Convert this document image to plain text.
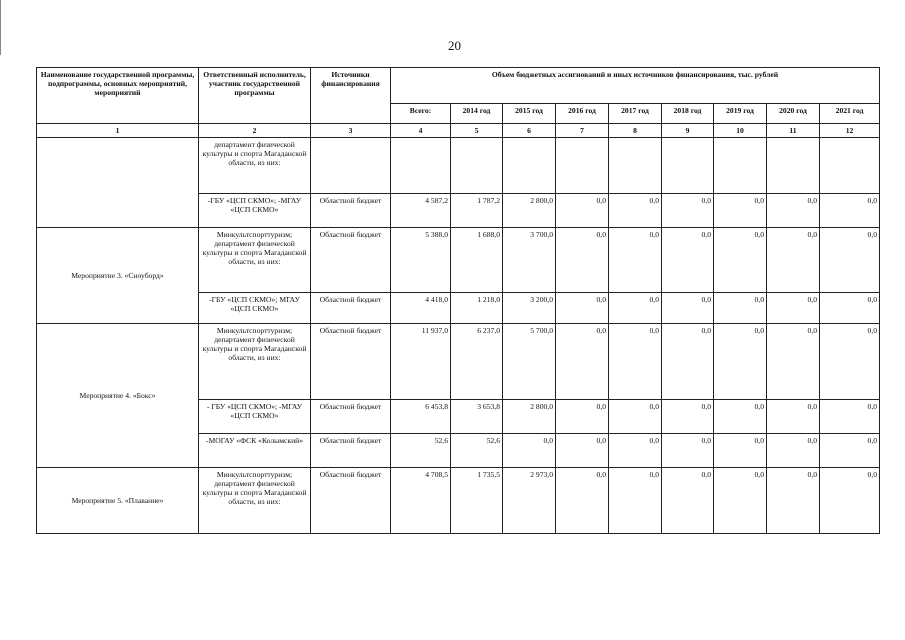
20
Наименование государственной программы, подпрограммы, основных мероприятий, мероприятий	Ответственный исполнитель, участник государственной программы	Источники финансирования	Объем бюджетных ассигнований и иных источников финансирования, тыс. рублей								
			Всего:	2014 год	2015 год	2016 год	2017 год	2018 год	2019 год	2020 год	2021 год
1	2	3	4	5	6	7	8	9	10	11	12
	департамент физической культуры и спорта Магаданской области, из них:										
	-ГБУ «ЦСП СКМО»; -МГАУ «ЦСП СКМО»	Областной бюджет	4 587,2	1 787,2	2 800,0	0,0	0,0	0,0	0,0	0,0	0,0
Мероприятие 3. «Сноуборд»	Минкультспорттуризм; департамент физической культуры и спорта Магаданской области, из них:	Областной бюджет	5 388,0	1 688,0	3 700,0	0,0	0,0	0,0	0,0	0,0	0,0
	-ГБУ «ЦСП СКМО»; МГАУ «ЦСП СКМО»	Областной бюджет	4 418,0	1 218,0	3 200,0	0,0	0,0	0,0	0,0	0,0	0,0
Мероприятие 4. «Бокс»	Минкультспорттуризм; департамент физической культуры и спорта Магаданской области, из них:	Областной бюджет	11 937,0	6 237,0	5 700,0	0,0	0,0	0,0	0,0	0,0	0,0
	- ГБУ «ЦСП СКМО»; -МГАУ «ЦСП СКМО»	Областной бюджет	6 453,8	3 653,8	2 800,0	0,0	0,0	0,0	0,0	0,0	0,0
	-МОГАУ «ФСК «Колымский»	Областной бюджет	52,6	52,6	0,0	0,0	0,0	0,0	0,0	0,0	0,0
Мероприятие 5. «Плавание»	Минкультспорттуризм; департамент физической культуры и спорта Магаданской области, из них:	Областной бюджет	4 708,5	1 735,5	2 973,0	0,0	0,0	0,0	0,0	0,0	0,0
